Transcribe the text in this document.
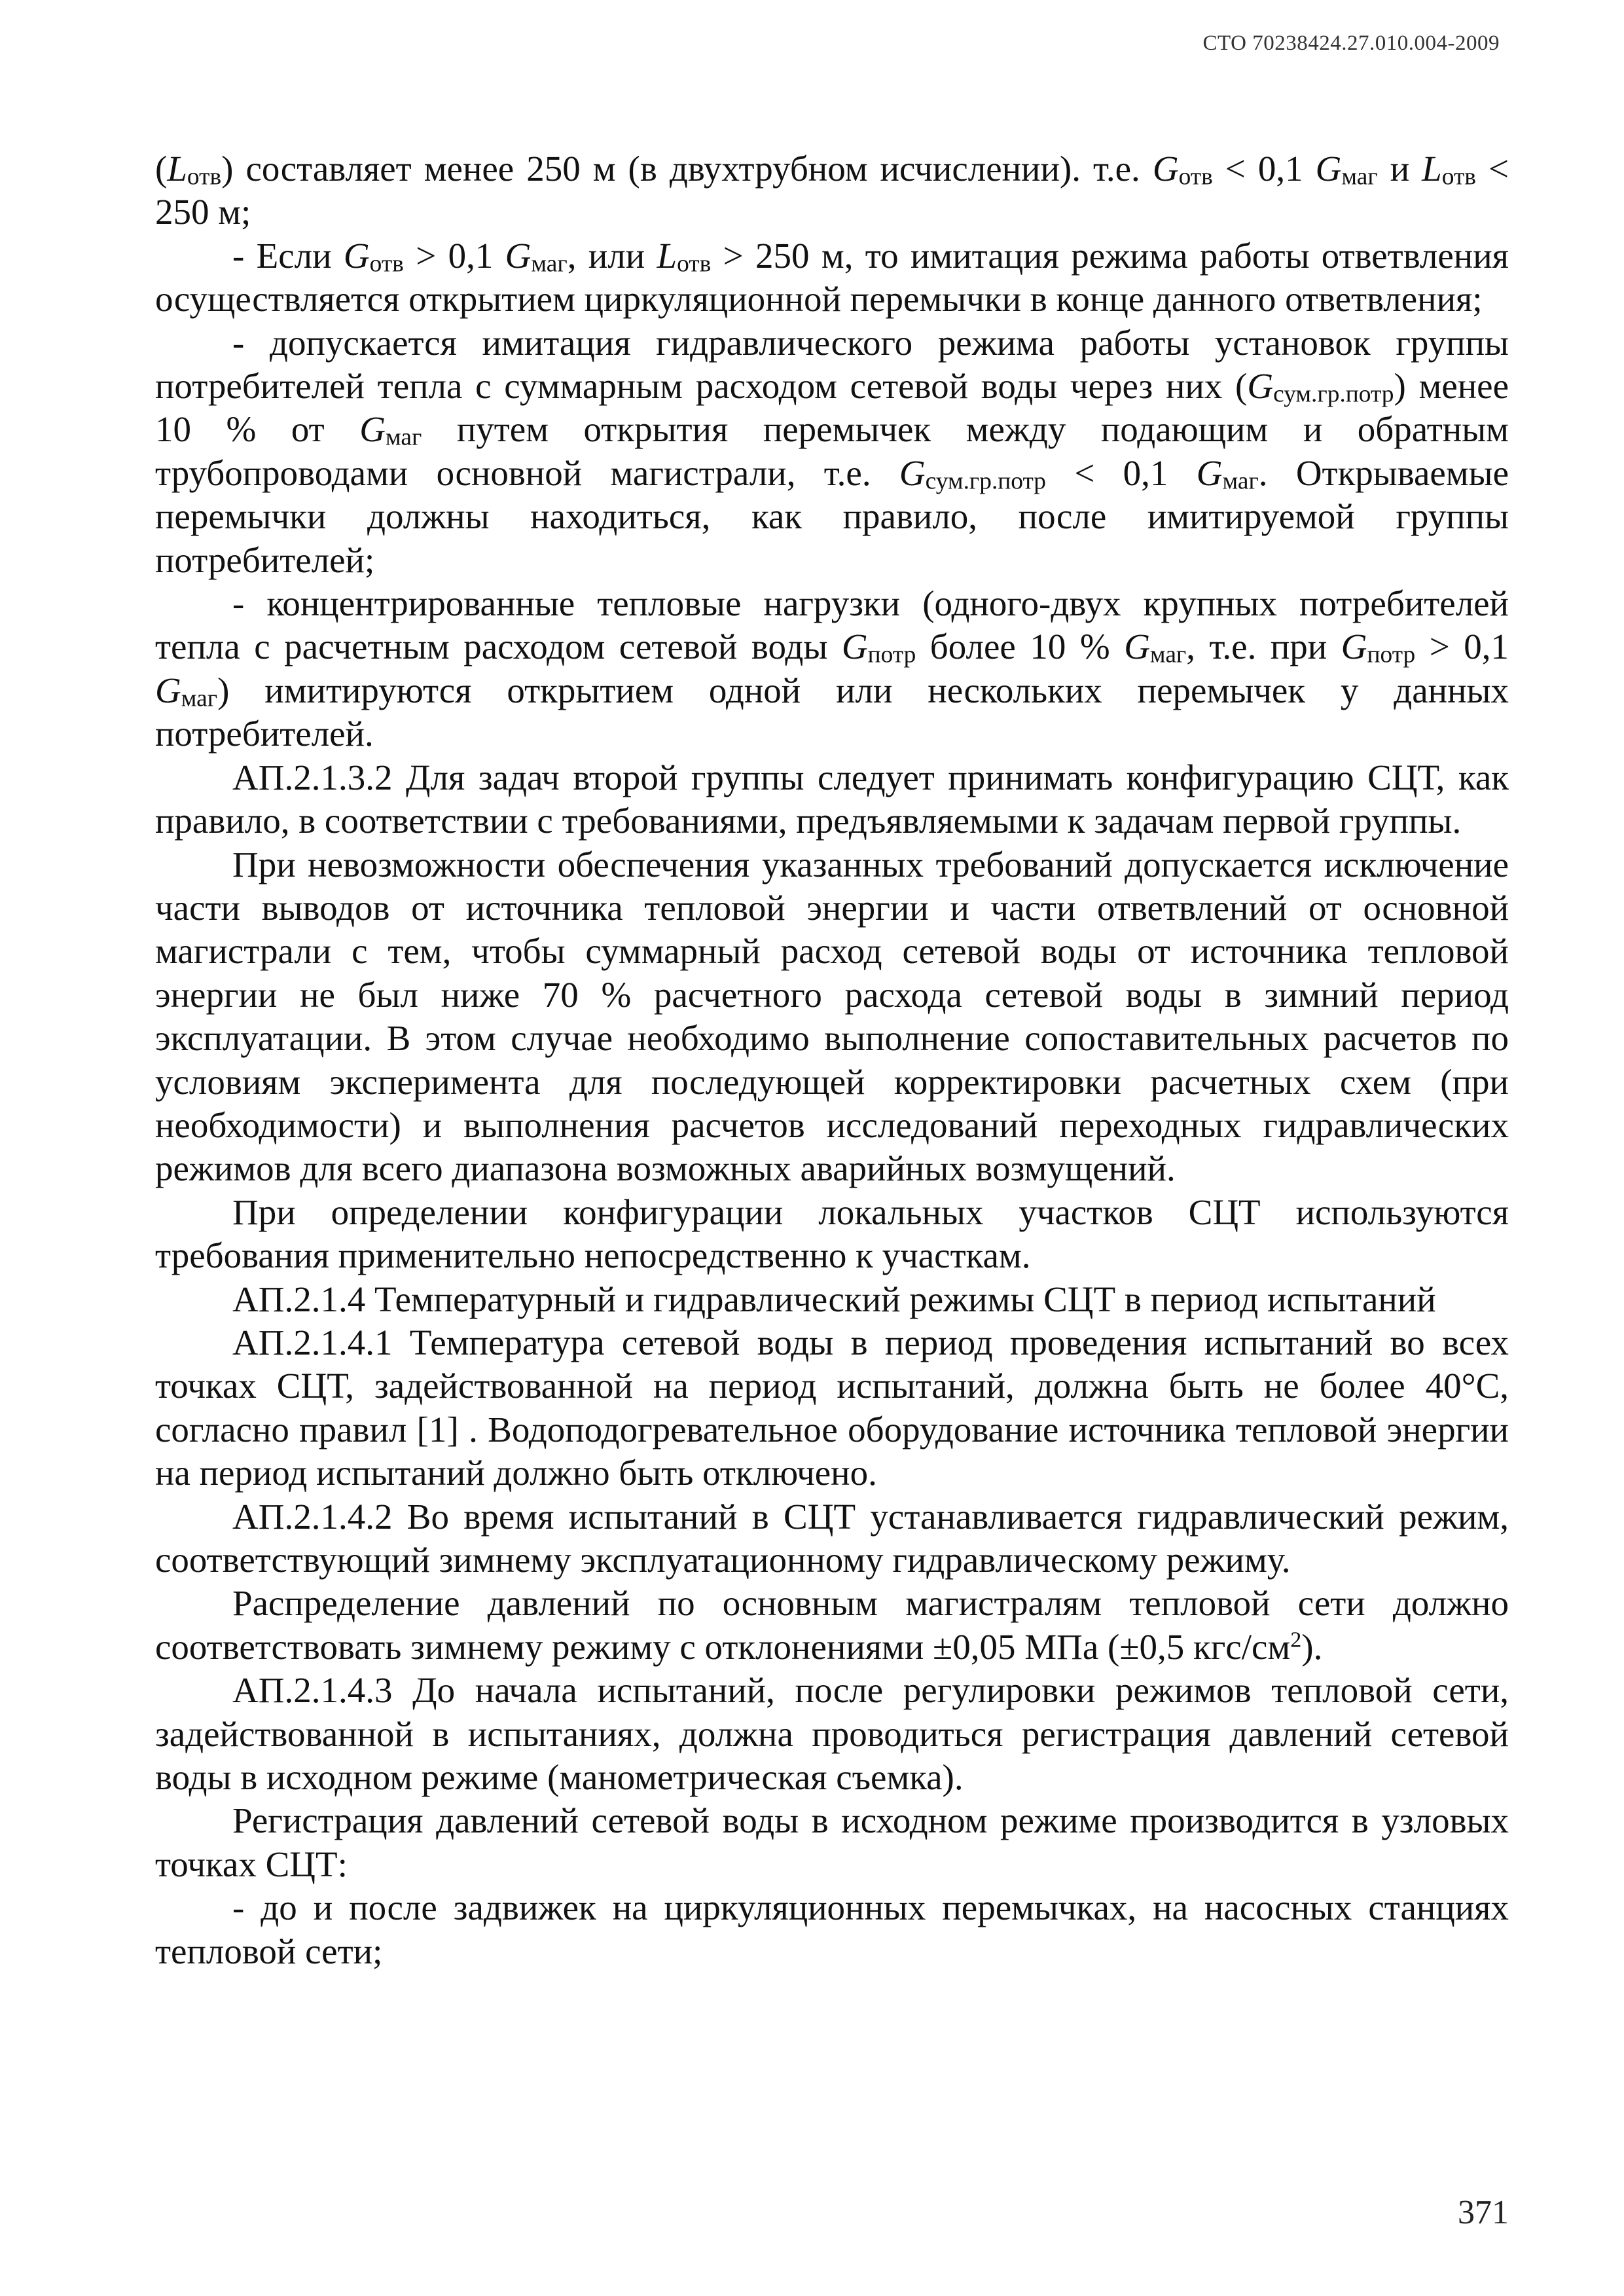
СТО 70238424.27.010.004-2009

$(L_{отв})$ составляет менее 250 м (в двухтрубном исчислении). т.е. $G_{отв} < 0,1$ $G_{маг}$ и $L_{отв} < 250$ м;

- Если $G_{отв} > 0,1$ $G_{маг}$, или $L_{отв} > 250$ м, то имитация режима работы ответвления осуществляется открытием циркуляционной перемычки в конце данного ответвления;

- допускается имитация гидравлического режима работы установок группы потребителей тепла с суммарным расходом сетевой воды через них $(G_{сум.гр.потр})$ менее 10 % от $G_{маг}$ путем открытия перемычек между подающим и обратным трубопроводами основной магистрали, т.е. $G_{сум.гр.потр} < 0,1$ $G_{маг}$. Открываемые перемычки должны находиться, как правило, после имитируемой группы потребителей;

- концентрированные тепловые нагрузки (одного-двух крупных потребителей тепла с расчетным расходом сетевой воды $G_{потр}$ более 10 % $G_{маг}$, т.е. при $G_{потр} > 0,1$ $G_{маг}$) имитируются открытием одной или нескольких перемычек у данных потребителей.

АП.2.1.3.2 Для задач второй группы следует принимать конфигурацию СЦТ, как правило, в соответствии с требованиями, предъявляемыми к задачам первой группы.

При невозможности обеспечения указанных требований допускается исключение части выводов от источника тепловой энергии и части ответвлений от основной магистрали с тем, чтобы суммарный расход сетевой воды от источника тепловой энергии не был ниже 70 % расчетного расхода сетевой воды в зимний период эксплуатации. В этом случае необходимо выполнение сопоставительных расчетов по условиям эксперимента для последующей корректировки расчетных схем (при необходимости) и выполнения расчетов исследований переходных гидравлических режимов для всего диапазона возможных аварийных возмущений.

При определении конфигурации локальных участков СЦТ используются требования применительно непосредственно к участкам.

АП.2.1.4 Температурный и гидравлический режимы СЦТ в период испытаний

АП.2.1.4.1 Температура сетевой воды в период проведения испытаний во всех точках СЦТ, задействованной на период испытаний, должна быть не более 40°С, согласно правил [1] . Водоподогревательное оборудование источника тепловой энергии на период испытаний должно быть отключено.

АП.2.1.4.2 Во время испытаний в СЦТ устанавливается гидравлический режим, соответствующий зимнему эксплуатационному гидравлическому режиму.

Распределение давлений по основным магистралям тепловой сети должно соответствовать зимнему режиму с отклонениями ±0,05 МПа (±0,5 кгс/$см^2$).

АП.2.1.4.3 До начала испытаний, после регулировки режимов тепловой сети, задействованной в испытаниях, должна проводиться регистрация давлений сетевой воды в исходном режиме (манометрическая съемка).

Регистрация давлений сетевой воды в исходном режиме производится в узловых точках СЦТ:

- до и после задвижек на циркуляционных перемычках, на насосных станциях тепловой сети;

371
